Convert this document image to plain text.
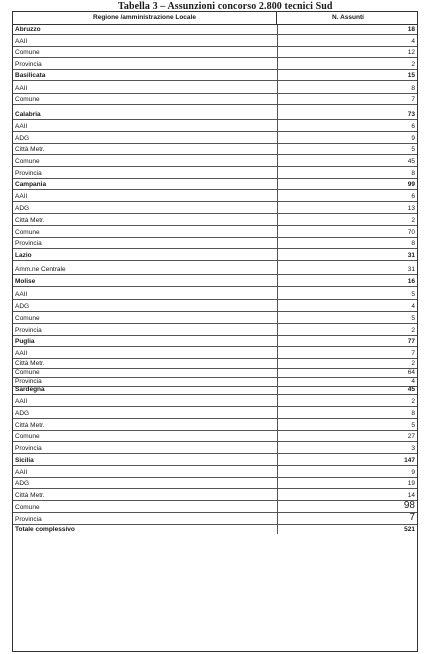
Tabella 3 – Assunzioni concorso 2.800 tecnici Sud
Regione /amministrazione Locale	N. Assunti
Abruzzo	18
AAII	4
Comune	12
Provincia	2
Basilicata	15
AAII	8
Comune	7
Calabria	73
AAII	6
ADG	9
Città Metr.	5
Comune	45
Provincia	8
Campania	99
AAII	6
ADG	13
Città Metr.	2
Comune	70
Provincia	8
Lazio	31
Amm.ne Centrale	31
Molise	16
AAII	5
ADG	4
Comune	5
Provincia	2
Puglia	77
AAII	7
Città Metr.	2
Comune	64
Provincia	4
Sardegna	45
AAII	2
ADG	8
Città Metr.	5
Comune	27
Provincia	3
Sicilia	147
AAII	9
ADG	19
Città Metr.	14
Comune	98
Provincia	7
Totale complessivo	521
